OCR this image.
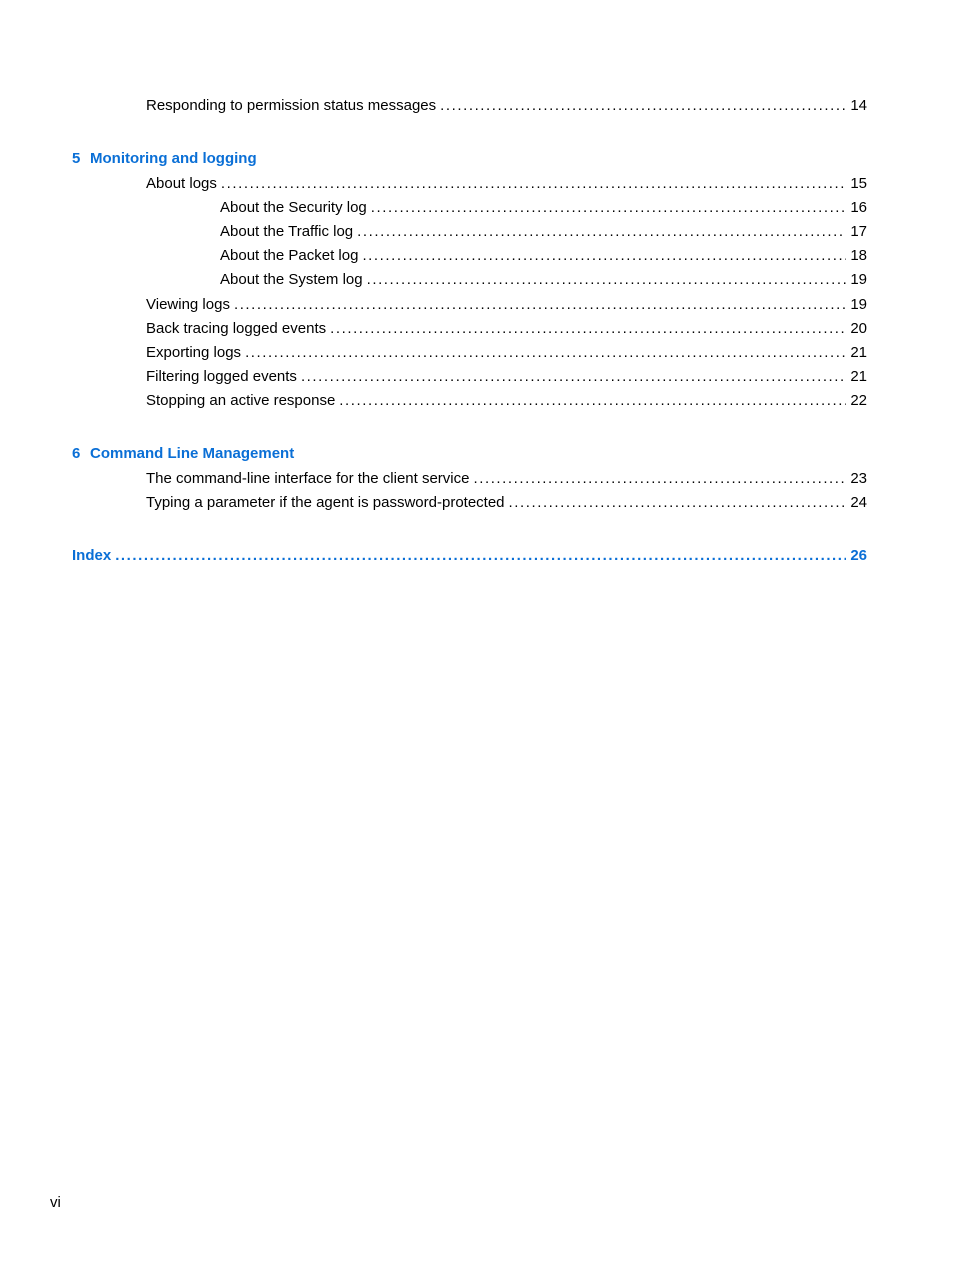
Responding to permission status messages . . .	14
5 Monitoring and logging
About logs . . .	15
About the Security log . . .	16
About the Traffic log . . .	17
About the Packet log . . .	18
About the System log . . .	19
Viewing logs . . .	19
Back tracing logged events . . .	20
Exporting logs . . .	21
Filtering logged events . . .	21
Stopping an active response . . .	22
6 Command Line Management
The command-line interface for the client service . . .	23
Typing a parameter if the agent is password-protected . . .	24
Index . . .	26
vi
